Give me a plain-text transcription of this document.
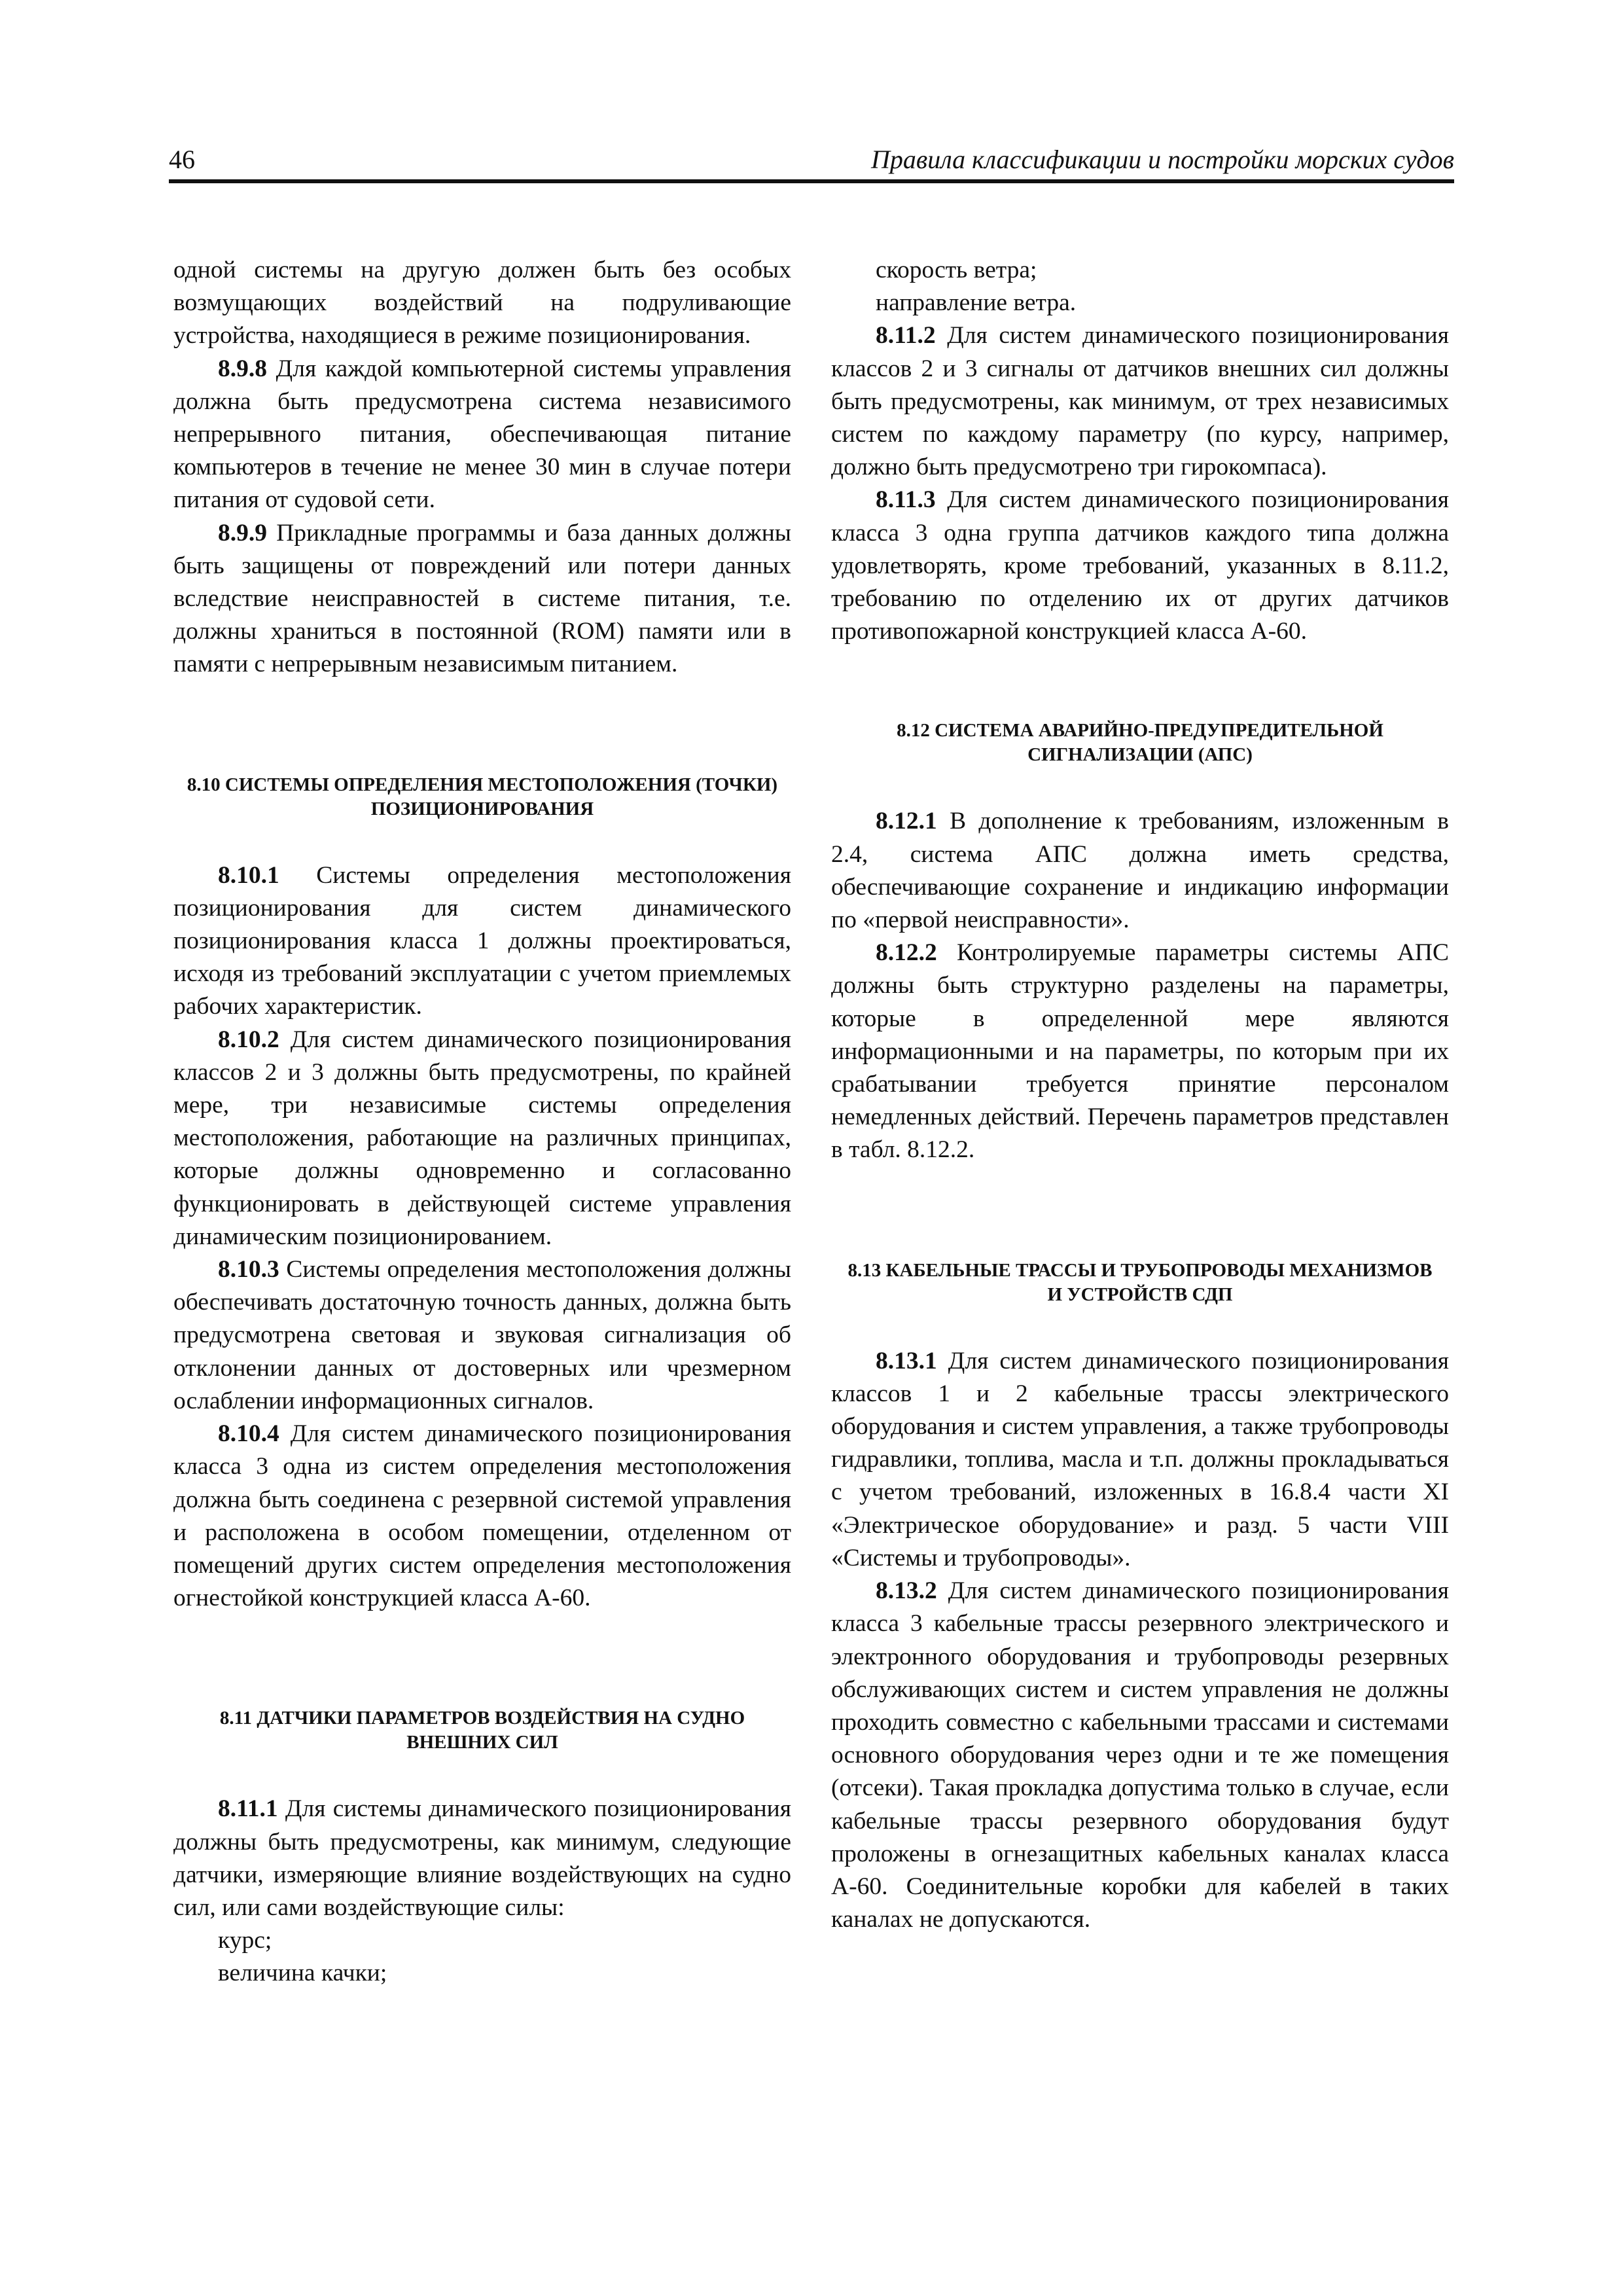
46	Правила классификации и постройки морских судов

одной системы на другую должен быть без особых возмущающих воздействий на подруливающие устройства, находящиеся в режиме позиционирования.

8.9.8 Для каждой компьютерной системы управления должна быть предусмотрена система независимого непрерывного питания, обеспечивающая питание компьютеров в течение не менее 30 мин в случае потери питания от судовой сети.

8.9.9 Прикладные программы и база данных должны быть защищены от повреждений или потери данных вследствие неисправностей в системе питания, т.е. должны храниться в постоянной (ROM) памяти или в памяти с непрерывным независимым питанием.

8.10 СИСТЕМЫ ОПРЕДЕЛЕНИЯ МЕСТОПОЛОЖЕНИЯ (ТОЧКИ) ПОЗИЦИОНИРОВАНИЯ

8.10.1 Системы определения местоположения позиционирования для систем динамического позиционирования класса 1 должны проектироваться, исходя из требований эксплуатации с учетом приемлемых рабочих характеристик.

8.10.2 Для систем динамического позиционирования классов 2 и 3 должны быть предусмотрены, по крайней мере, три независимые системы определения местоположения, работающие на различных принципах, которые должны одновременно и согласованно функционировать в действующей системе управления динамическим позиционированием.

8.10.3 Системы определения местоположения должны обеспечивать достаточную точность данных, должна быть предусмотрена световая и звуковая сигнализация об отклонении данных от достоверных или чрезмерном ослаблении информационных сигналов.

8.10.4 Для систем динамического позиционирования класса 3 одна из систем определения местоположения должна быть соединена с резервной системой управления и расположена в особом помещении, отделенном от помещений других систем определения местоположения огнестойкой конструкцией класса А-60.

8.11 ДАТЧИКИ ПАРАМЕТРОВ ВОЗДЕЙСТВИЯ НА СУДНО ВНЕШНИХ СИЛ

8.11.1 Для системы динамического позиционирования должны быть предусмотрены, как минимум, следующие датчики, измеряющие влияние воздействующих на судно сил, или сами воздействующие силы:

курс;

величина качки;

скорость ветра;

направление ветра.

8.11.2 Для систем динамического позиционирования классов 2 и 3 сигналы от датчиков внешних сил должны быть предусмотрены, как минимум, от трех независимых систем по каждому параметру (по курсу, например, должно быть предусмотрено три гирокомпаса).

8.11.3 Для систем динамического позиционирования класса 3 одна группа датчиков каждого типа должна удовлетворять, кроме требований, указанных в 8.11.2, требованию по отделению их от других датчиков противопожарной конструкцией класса А-60.

8.12 СИСТЕМА АВАРИЙНО-ПРЕДУПРЕДИТЕЛЬНОЙ СИГНАЛИЗАЦИИ (АПС)

8.12.1 В дополнение к требованиям, изложенным в 2.4, система АПС должна иметь средства, обеспечивающие сохранение и индикацию информации по «первой неисправности».

8.12.2 Контролируемые параметры системы АПС должны быть структурно разделены на параметры, которые в определенной мере являются информационными и на параметры, по которым при их срабатывании требуется принятие персоналом немедленных действий. Перечень параметров представлен в табл. 8.12.2.

8.13 КАБЕЛЬНЫЕ ТРАССЫ И ТРУБОПРОВОДЫ МЕХАНИЗМОВ И УСТРОЙСТВ СДП

8.13.1 Для систем динамического позиционирования классов 1 и 2 кабельные трассы электрического оборудования и систем управления, а также трубопроводы гидравлики, топлива, масла и т.п. должны прокладываться с учетом требований, изложенных в 16.8.4 части XI «Электрическое оборудование» и разд. 5 части VIII «Системы и трубопроводы».

8.13.2 Для систем динамического позиционирования класса 3 кабельные трассы резервного электрического и электронного оборудования и трубопроводы резервных обслуживающих систем и систем управления не должны проходить совместно с кабельными трассами и системами основного оборудования через одни и те же помещения (отсеки). Такая прокладка допустима только в случае, если кабельные трассы резервного оборудования будут проложены в огнезащитных кабельных каналах класса А-60. Соединительные коробки для кабелей в таких каналах не допускаются.
